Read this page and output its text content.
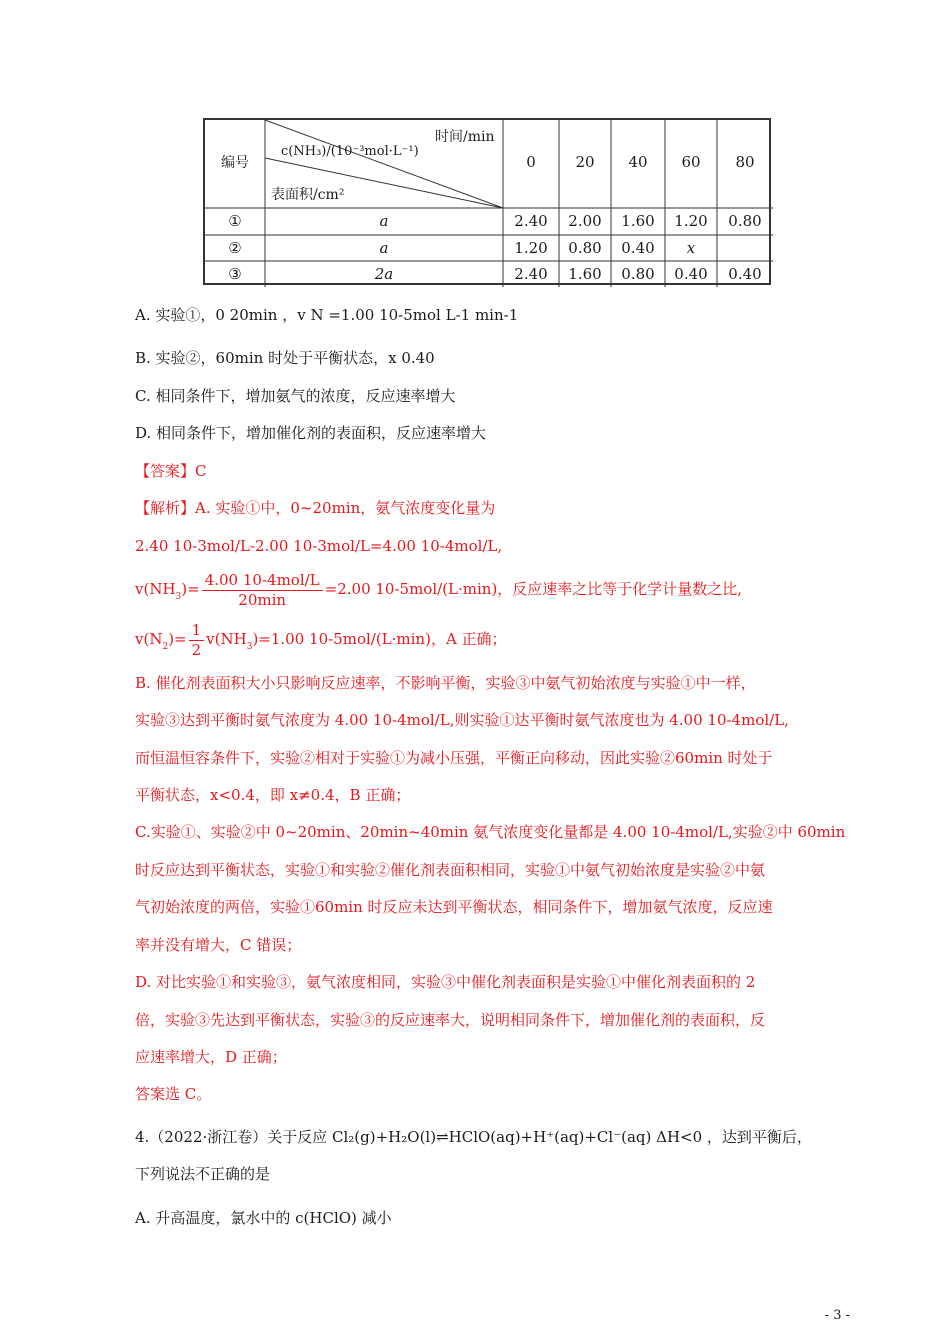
编号
c(NH₃)/(10⁻³mol·L⁻¹)
时间/min
表面积/cm²
0	20	40	60	80
①	a	2.40	2.00	1.60	1.20	0.80
②	a	1.20	0.80	0.40	x
③	2a	2.40	1.60	0.80	0.40	0.40
A. 实验①，0 20min ，v N =1.00 10-5mol L-1 min-1
B. 实验②，60min 时处于平衡状态，x 0.40
C. 相同条件下，增加氨气的浓度，反应速率增大
D. 相同条件下，增加催化剂的表面积，反应速率增大
【答案】C
【解析】A. 实验①中，0~20min，氨气浓度变化量为
2.40 10-3mol/L-2.00 10-3mol/L=4.00 10-4mol/L,
$v(NH_3)= \frac{\text{4.00 10-4mol/L}}{20\min} =2.00$ 10-5mol/(L·min)，反应速率之比等于化学计量数之比,
$v(N_2)= \frac{1}{2} v(NH_3)=1.00$ 10-5mol/(L·min)，A 正确；
B. 催化剂表面积大小只影响反应速率，不影响平衡，实验③中氨气初始浓度与实验①中一样，
实验③达到平衡时氨气浓度为 4.00 10-4mol/L,则实验①达平衡时氨气浓度也为 4.00 10-4mol/L,
而恒温恒容条件下，实验②相对于实验①为减小压强，平衡正向移动，因此实验②60min 时处于
平衡状态，x<0.4，即 x≠0.4，B 正确；
C.实验①、实验②中 0~20min、20min~40min 氨气浓度变化量都是 4.00 10-4mol/L,实验②中 60min
时反应达到平衡状态，实验①和实验②催化剂表面积相同，实验①中氨气初始浓度是实验②中氨
气初始浓度的两倍，实验①60min 时反应未达到平衡状态，相同条件下，增加氨气浓度，反应速
率并没有增大，C 错误；
D. 对比实验①和实验③，氨气浓度相同，实验③中催化剂表面积是实验①中催化剂表面积的 2
倍，实验③先达到平衡状态，实验③的反应速率大，说明相同条件下，增加催化剂的表面积，反
应速率增大，D 正确；
答案选 C。
4.（2022·浙江卷）关于反应 Cl₂(g)+H₂O(l)⇌HClO(aq)+H⁺(aq)+Cl⁻(aq) ΔH<0 ，达到平衡后，
下列说法不正确的是
A. 升高温度，氯水中的 c(HClO) 减小
- 3 -
